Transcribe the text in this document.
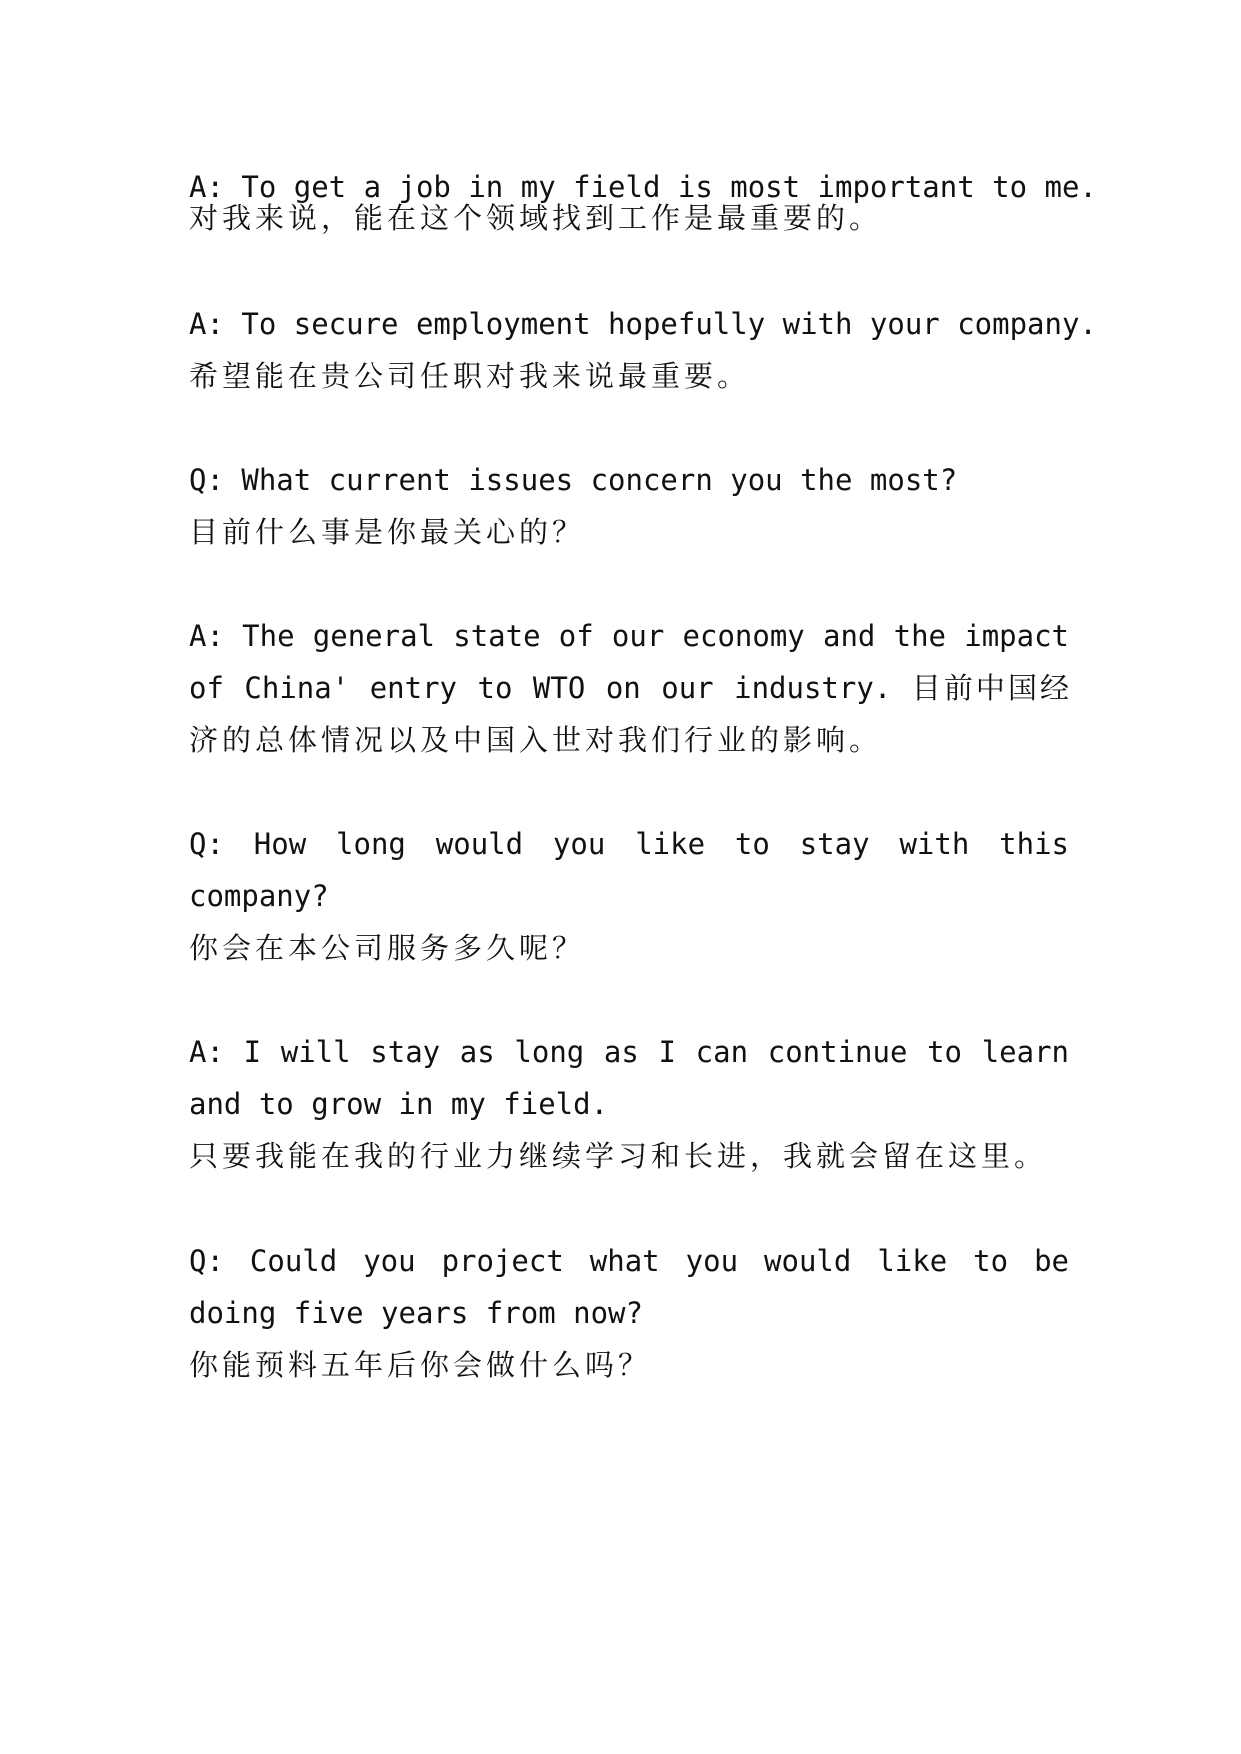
A: To get a job in my field is most important to me.
对我来说，能在这个领域找到工作是最重要的。
A: To secure employment hopefully with your company.
希望能在贵公司任职对我来说最重要。
Q: What current issues concern you the most?
目前什么事是你最关心的？
A: The general state of our economy and the impact
of China' entry to WTO on our industry. 目前中国经
济的总体情况以及中国入世对我们行业的影响。
Q: How long would you like to stay with this
company?
你会在本公司服务多久呢？
A: I will stay as long as I can continue to learn
and to grow in my field.
只要我能在我的行业力继续学习和长进，我就会留在这里。
Q: Could you project what you would like to be
doing five years from now?
你能预料五年后你会做什么吗？
